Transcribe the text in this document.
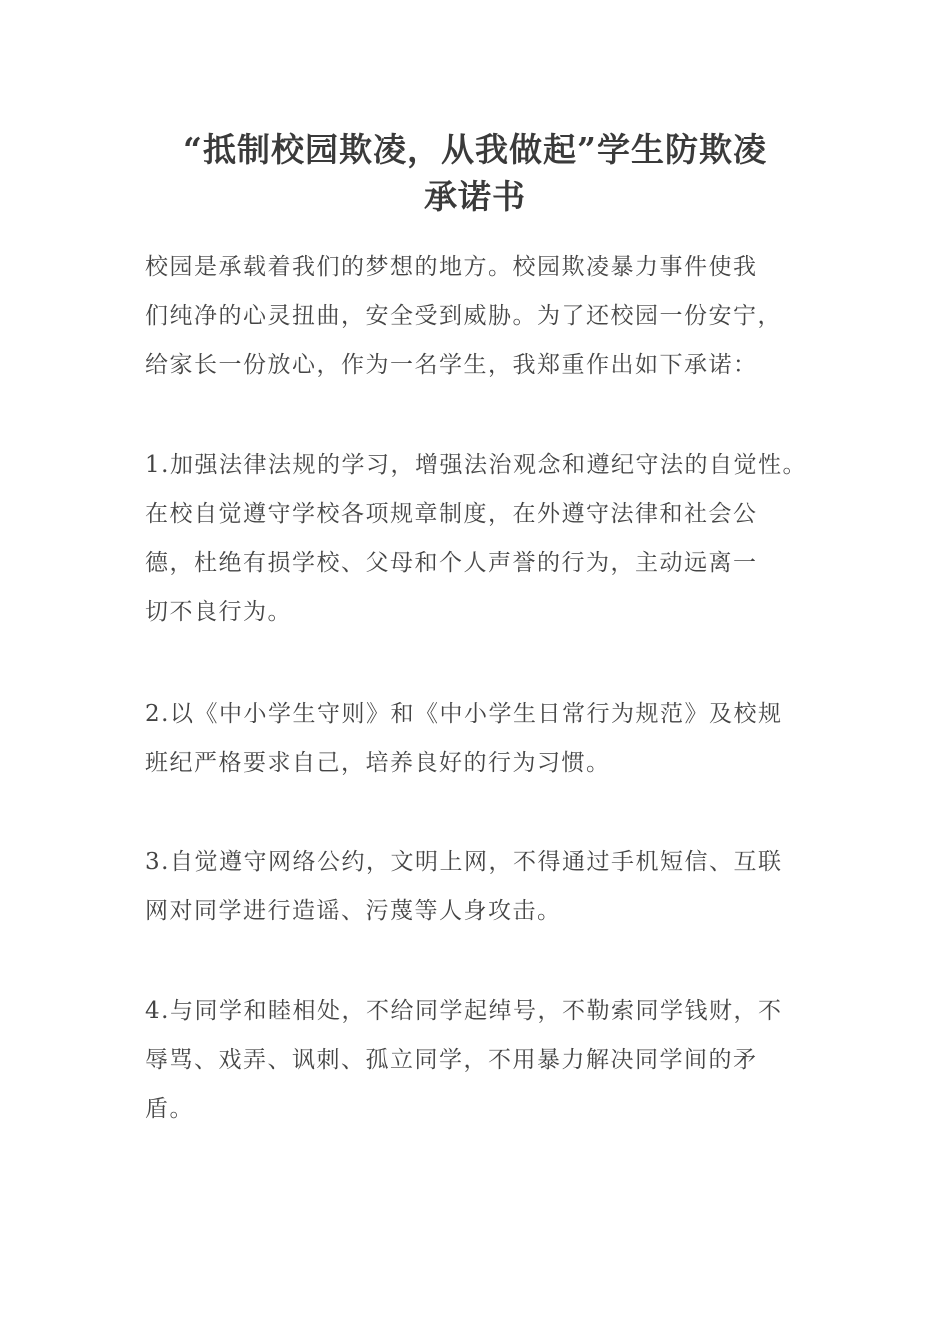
“抵制校园欺凌，从我做起”学生防欺凌
承诺书
校园是承载着我们的梦想的地方。校园欺凌暴力事件使我
们纯净的心灵扭曲，安全受到威胁。为了还校园一份安宁，
给家长一份放心，作为一名学生，我郑重作出如下承诺：
1.加强法律法规的学习，增强法治观念和遵纪守法的自觉性。
在校自觉遵守学校各项规章制度，在外遵守法律和社会公
德，杜绝有损学校、父母和个人声誉的行为，主动远离一
切不良行为。
2.以《中小学生守则》和《中小学生日常行为规范》及校规
班纪严格要求自己，培养良好的行为习惯。
3.自觉遵守网络公约，文明上网，不得通过手机短信、互联
网对同学进行造谣、污蔑等人身攻击。
4.与同学和睦相处，不给同学起绰号，不勒索同学钱财，不
辱骂、戏弄、讽刺、孤立同学，不用暴力解决同学间的矛
盾。
